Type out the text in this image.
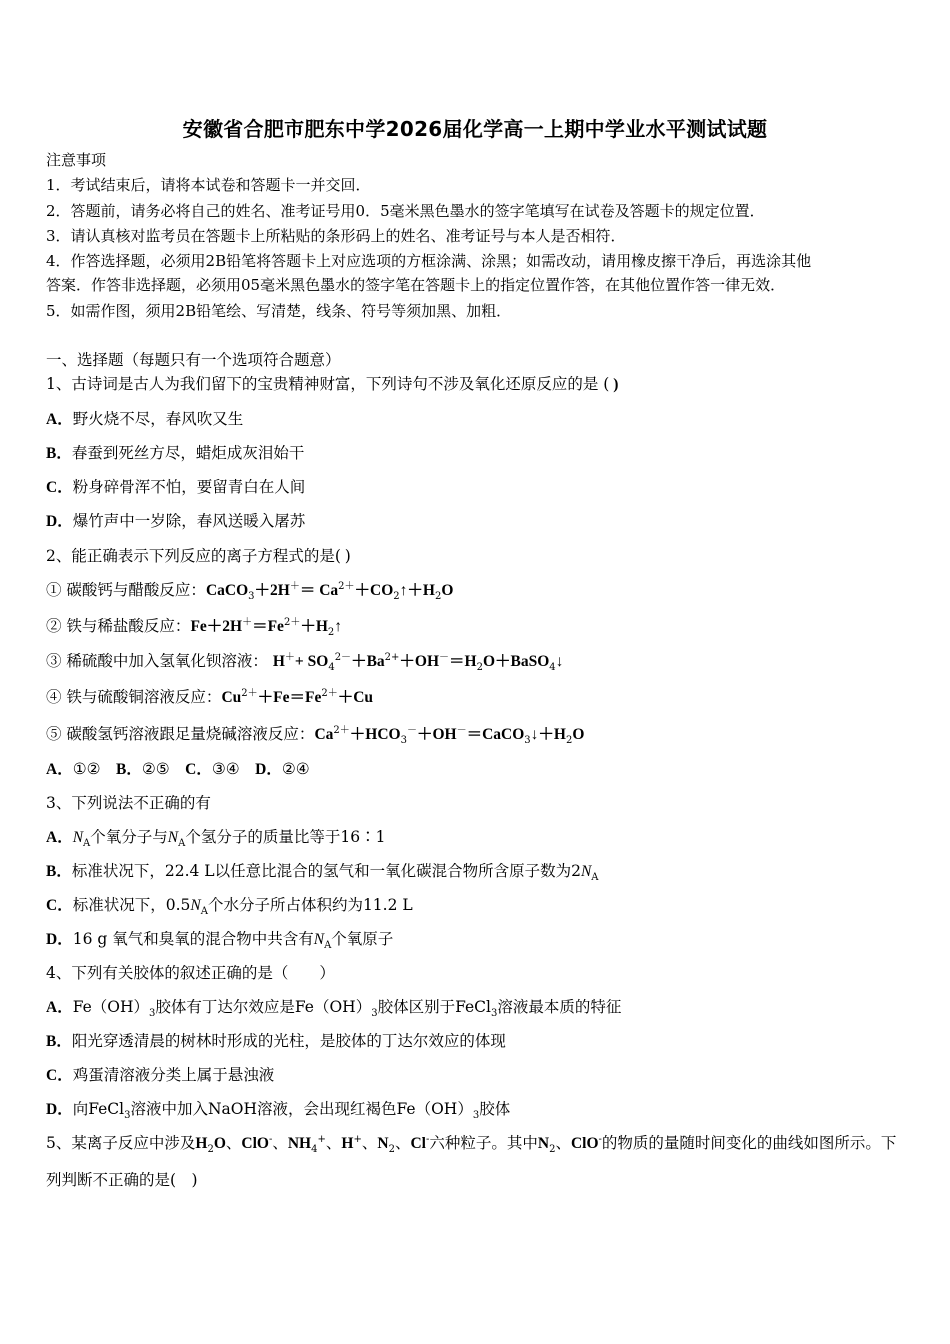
安徽省合肥市肥东中学2026届化学高一上期中学业水平测试试题
注意事项
1．考试结束后，请将本试卷和答题卡一并交回．
2．答题前，请务必将自己的姓名、准考证号用0．5毫米黑色墨水的签字笔填写在试卷及答题卡的规定位置．
3．请认真核对监考员在答题卡上所粘贴的条形码上的姓名、准考证号与本人是否相符．
4．作答选择题，必须用2B铅笔将答题卡上对应选项的方框涂满、涂黑；如需改动，请用橡皮擦干净后，再选涂其他
答案．作答非选择题，必须用05毫米黑色墨水的签字笔在答题卡上的指定位置作答，在其他位置作答一律无效．
5．如需作图，须用2B铅笔绘、写清楚，线条、符号等须加黑、加粗．
一、选择题（每题只有一个选项符合题意）
1、古诗词是古人为我们留下的宝贵精神财富，下列诗句不涉及氧化还原反应的是 ( )
A．野火烧不尽，春风吹又生
B．春蚕到死丝方尽，蜡炬成灰泪始干
C．粉身碎骨浑不怕，要留青白在人间
D．爆竹声中一岁除，春风送暖入屠苏
2、能正确表示下列反应的离子方程式的是( )
① 碳酸钙与醋酸反应：CaCO$_3$＋2H＋＝ $Ca^{2+}+CO_2↑+H_2O$
② 铁与稀盐酸反应：$Fe+2H^+=Fe^{2+}+H_2↑$
③ 稀硫酸中加入氢氧化钡溶液： $H^++ SO_4^{2-}+Ba^{2+}+OH^-=H_2O+BaSO_4↓$
④ 铁与硫酸铜溶液反应：$Cu^{2+}+Fe=Fe^{2+}+Cu$
⑤ 碳酸氢钙溶液跟足量烧碱溶液反应：$Ca^{2+}+HCO_3^-+OH^-=CaCO_3↓+H_2O$
A．①②　B．②⑤　C．③④　D．②④
3、下列说法不正确的有
A．$N_A$个氧分子与$N_A$个氢分子的质量比等于16∶1
B．标准状况下，22.4 L以任意比混合的氢气和一氧化碳混合物所含原子数为$2N_A$
C．标准状况下，$0.5N_A$个水分子所占体积约为11.2 L
D．16 g 氧气和臭氧的混合物中共含有$N_A$个氧原子
4、下列有关胶体的叙述正确的是（　　）
A．$Fe(OH)_3$胶体有丁达尔效应是$Fe(OH)_3$胶体区别于FeCl$_3$溶液最本质的特征
B．阳光穿透清晨的树林时形成的光柱，是胶体的丁达尔效应的体现
C．鸡蛋清溶液分类上属于悬浊液
D．向FeCl$_3$溶液中加入NaOH溶液，会出现红褐色$Fe(OH)_3$胶体
5、某离子反应中涉及$H_2O$、ClO-、$NH_4^+$、H+、$N_2$、Cl-六种粒子。其中$N_2$、ClO-的物质的量随时间变化的曲线如图所示。下
列判断不正确的是(　)
